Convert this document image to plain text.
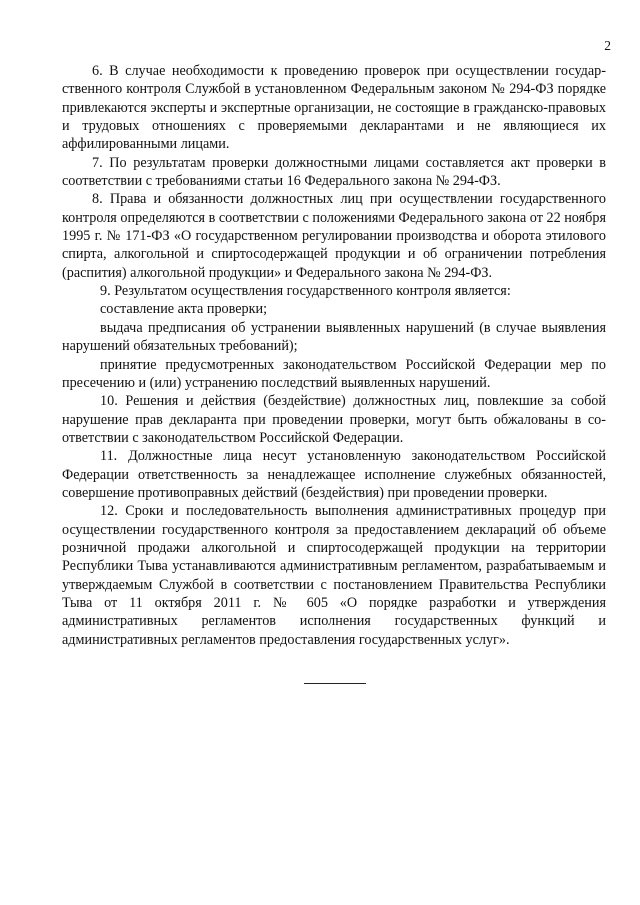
2

6. В случае необходимости к проведению проверок при осуществлении государственного контроля Службой в установленном Федеральным законом № 294-ФЗ порядке привлекаются эксперты и экспертные организации, не состоящие в гражданско-правовых и трудовых отношениях с проверяемыми декларантами и не являющиеся их аффилированными лицами.

7. По результатам проверки должностными лицами составляется акт проверки в соответствии с требованиями статьи 16 Федерального закона № 294-ФЗ.

8. Права и обязанности должностных лиц при осуществлении государственного контроля определяются в соответствии с положениями Федерального закона от 22 ноября 1995 г. № 171-ФЗ «О государственном регулировании производства и оборота этилового спирта, алкогольной и спиртосодержащей продукции и об ограничении потребления (распития) алкогольной продукции» и Федерального закона № 294-ФЗ.

9. Результатом осуществления государственного контроля является:

составление акта проверки;

выдача предписания об устранении выявленных нарушений (в случае выявления нарушений обязательных требований);

принятие предусмотренных законодательством Российской Федерации мер по пресечению и (или) устранению последствий выявленных нарушений.

10. Решения и действия (бездействие) должностных лиц, повлекшие за собой нарушение прав декларанта при проведении проверки, могут быть обжалованы в соответствии с законодательством Российской Федерации.

11. Должностные лица несут установленную законодательством Российской Федерации ответственность за ненадлежащее исполнение служебных обязанностей, совершение противоправных действий (бездействия) при проведении проверки.

12. Сроки и последовательность выполнения административных процедур при осуществлении государственного контроля за предоставлением деклараций об объеме розничной продажи алкогольной и спиртосодержащей продукции на территории Республики Тыва устанавливаются административным регламентом, разрабатываемым и утверждаемым Службой в соответствии с постановлением Правительства Республики Тыва от 11 октября 2011 г. № 605 «О порядке разработки и утверждения административных регламентов исполнения государственных функций и административных регламентов предоставления государственных услуг».
